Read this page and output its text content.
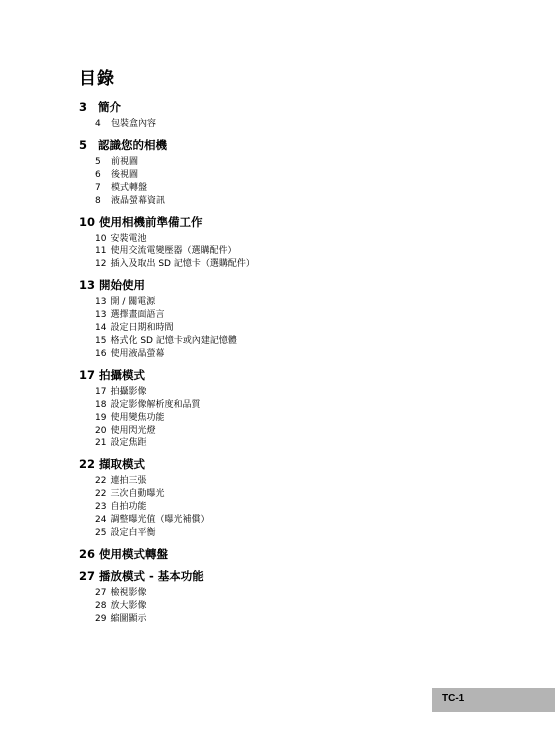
目錄
3 簡介
4	包裝盒內容
5 認識您的相機
5	前視圖
6	後視圖
7	模式轉盤
8	液晶螢幕資訊
10 使用相機前準備工作
10 安裝電池
11 使用交流電變壓器（選購配件）
12 插入及取出 SD 記憶卡（選購配件）
13 開始使用
13 開 / 關電源
13 選擇畫面語言
14 設定日期和時間
15 格式化 SD 記憶卡或內建記憶體
16 使用液晶螢幕
17 拍攝模式
17 拍攝影像
18 設定影像解析度和品質
19 使用變焦功能
20 使用閃光燈
21 設定焦距
22 擷取模式
22 連拍三張
22 三次自動曝光
23 自拍功能
24 調整曝光值（曝光補償）
25 設定白平衡
26 使用模式轉盤
27 播放模式 - 基本功能
27 檢視影像
28 放大影像
29 縮圖顯示
TC-1
